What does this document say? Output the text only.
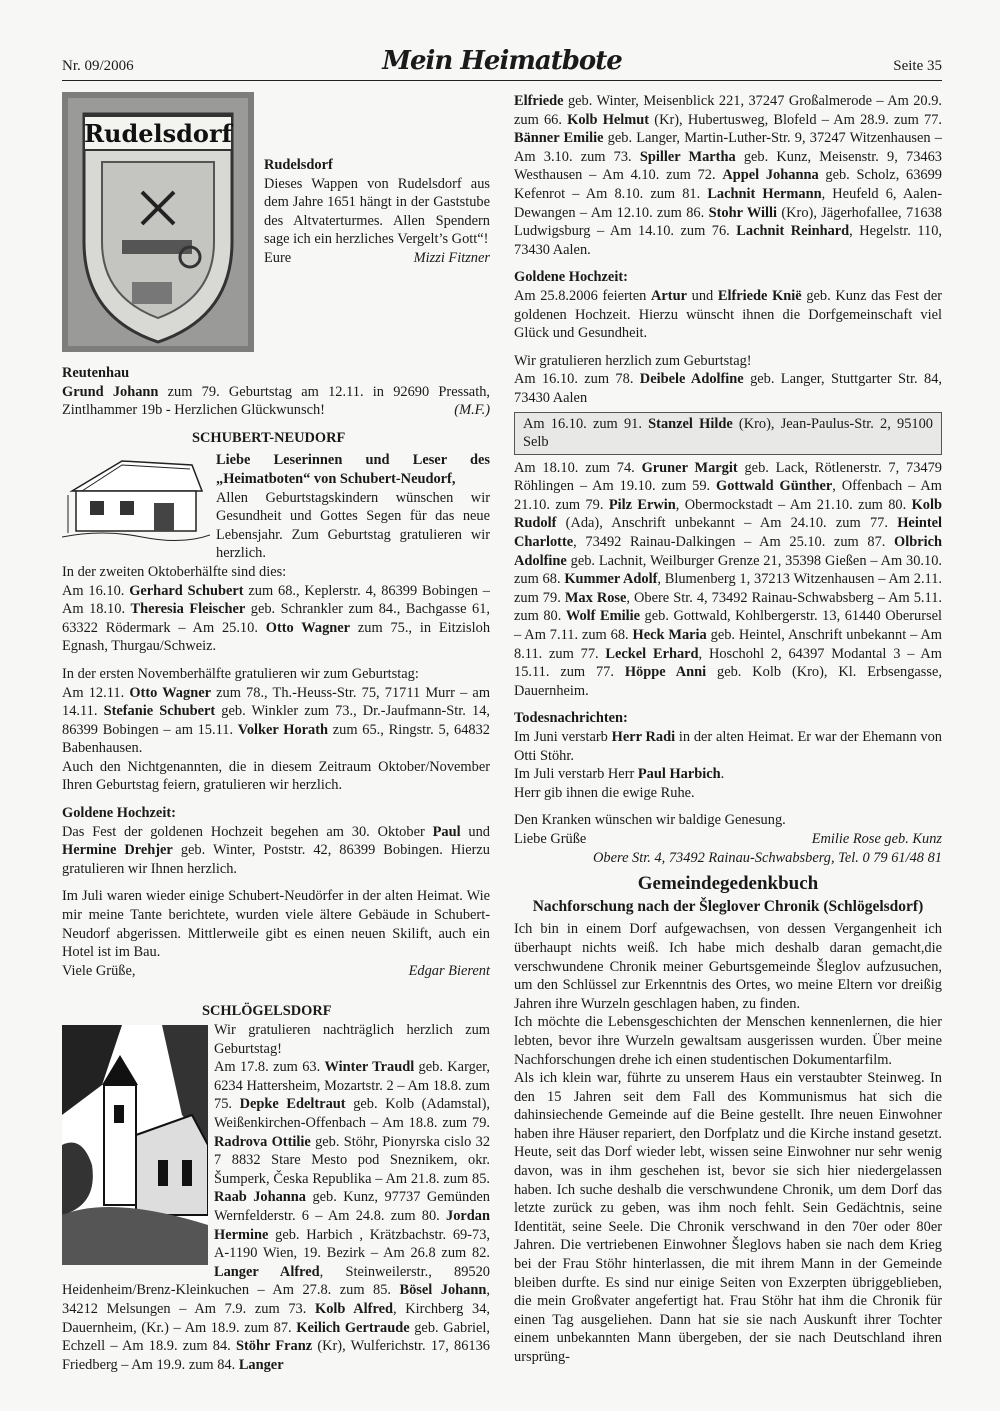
Nr. 09/2006	Mein Heimatbote	Seite 35
Rudelsdorf

Rudelsdorf

Dieses Wappen von Rudelsdorf aus dem Jahre 1651 hängt in der Gaststube des Altvaterturmes. Allen Spendern sage ich ein herzliches Vergelt’s Gott“!

Eure	Mizzi Fitzner

Reutenhau

Grund Johann zum 79. Geburtstag am 12.11. in 92690 Pressath, Zintlhammer 19b - Herzlichen Glückwunsch!	(M.F.)

SCHUBERT-NEUDORF

Liebe Leserinnen und Leser des „Heimatboten“ von Schubert-Neudorf,

Allen Geburtstagskindern wünschen wir Gesundheit und Gottes Segen für das neue Lebensjahr. Zum Geburtstag gratulieren wir herzlich.

In der zweiten Oktoberhälfte sind dies:

Am 16.10. Gerhard Schubert zum 68., Keplerstr. 4, 86399 Bobingen – Am 18.10. Theresia Fleischer geb. Schrankler zum 84., Bachgasse 61, 63322 Rödermark – Am 25.10. Otto Wagner zum 75., in Eitzisloh Egnash, Thurgau/Schweiz.

In der ersten Novemberhälfte gratulieren wir zum Geburtstag:

Am 12.11. Otto Wagner zum 78., Th.-Heuss-Str. 75, 71711 Murr – am 14.11. Stefanie Schubert geb. Winkler zum 73., Dr.-Jaufmann-Str. 14, 86399 Bobingen – am 15.11. Volker Horath zum 65., Ringstr. 5, 64832 Babenhausen.

Auch den Nichtgenannten, die in diesem Zeitraum Oktober/November Ihren Geburtstag feiern, gratulieren wir herzlich.

Goldene Hochzeit:

Das Fest der goldenen Hochzeit begehen am 30. Oktober Paul und Hermine Drehjer geb. Winter, Poststr. 42, 86399 Bobingen. Hierzu gratulieren wir Ihnen herzlich.

Im Juli waren wieder einige Schubert-Neudörfer in der alten Heimat. Wie mir meine Tante berichtete, wurden viele ältere Gebäude in Schubert-Neudorf abgerissen. Mittlerweile gibt es einen neuen Skilift, auch ein Hotel ist im Bau.

Viele Grüße,	Edgar Bierent

SCHLÖGELSDORF

Wir gratulieren nachträglich herzlich zum Geburtstag!

Am 17.8. zum 63. Winter Traudl geb. Karger, 6234 Hattersheim, Mozartstr. 2 – Am 18.8. zum 75. Depke Edeltraut geb. Kolb (Adamstal), Weißenkirchen-Offenbach – Am 18.8. zum 79. Radrova Ottilie geb. Stöhr, Pionyrska cislo 32 7 8832 Stare Mesto pod Sneznikem, okr. Šumperk, Česka Republika – Am 21.8. zum 85. Raab Johanna geb. Kunz, 97737 Gemünden Wernfelderstr. 6 – Am 24.8. zum 80. Jordan Hermine geb. Harbich , Krätzbachstr. 69-73, A-1190 Wien, 19. Bezirk – Am 26.8 zum 82. Langer Alfred, Steinweilerstr., 89520 Heidenheim/Brenz-Kleinkuchen – Am 27.8. zum 85. Bösel Johann, 34212 Melsungen – Am 7.9. zum 73. Kolb Alfred, Kirchberg 34, Dauernheim, (Kr.) – Am 18.9. zum 87. Keilich Gertraude geb. Gabriel, Echzell – Am 18.9. zum 84. Stöhr Franz (Kr), Wulferichstr. 17, 86136 Friedberg – Am 19.9. zum 84. Langer

Elfriede geb. Winter, Meisenblick 221, 37247 Großalmerode – Am 20.9. zum 66. Kolb Helmut (Kr), Hubertusweg, Blofeld – Am 28.9. zum 77. Bänner Emilie geb. Langer, Martin-Luther-Str. 9, 37247 Witzenhausen – Am 3.10. zum 73. Spiller Martha geb. Kunz, Meisenstr. 9, 73463 Westhausen – Am 4.10. zum 72. Appel Johanna geb. Scholz, 63699 Kefenrot – Am 8.10. zum 81. Lachnit Hermann, Heufeld 6, Aalen-Dewangen – Am 12.10. zum 86. Stohr Willi (Kro), Jägerhofallee, 71638 Ludwigsburg – Am 14.10. zum 76. Lachnit Reinhard, Hegelstr. 110, 73430 Aalen.

Goldene Hochzeit:

Am 25.8.2006 feierten Artur und Elfriede Knië geb. Kunz das Fest der goldenen Hochzeit. Hierzu wünscht ihnen die Dorfgemeinschaft viel Glück und Gesundheit.

Wir gratulieren herzlich zum Geburtstag!

Am 16.10. zum 78. Deibele Adolfine geb. Langer, Stuttgarter Str. 84, 73430 Aalen

Am 16.10. zum 91. Stanzel Hilde (Kro), Jean-Paulus-Str. 2, 95100 Selb

Am 18.10. zum 74. Gruner Margit geb. Lack, Rötlenerstr. 7, 73479 Röhlingen – Am 19.10. zum 59. Gottwald Günther, Offenbach – Am 21.10. zum 79. Pilz Erwin, Obermockstadt – Am 21.10. zum 80. Kolb Rudolf (Ada), Anschrift unbekannt – Am 24.10. zum 77. Heintel Charlotte, 73492 Rainau-Dalkingen – Am 25.10. zum 87. Olbrich Adolfine geb. Lachnit, Weilburger Grenze 21, 35398 Gießen – Am 30.10. zum 68. Kummer Adolf, Blumenberg 1, 37213 Witzenhausen – Am 2.11. zum 79. Max Rose, Obere Str. 4, 73492 Rainau-Schwabsberg – Am 5.11. zum 80. Wolf Emilie geb. Gottwald, Kohlbergerstr. 13, 61440 Oberursel – Am 7.11. zum 68. Heck Maria geb. Heintel, Anschrift unbekannt – Am 8.11. zum 77. Leckel Erhard, Hoschohl 2, 64397 Modantal 3 – Am 15.11. zum 77. Höppe Anni geb. Kolb (Kro), Kl. Erbsengasse, Dauernheim.

Todesnachrichten:

Im Juni verstarb Herr Radi in der alten Heimat. Er war der Ehemann von Otti Stöhr.

Im Juli verstarb Herr Paul Harbich.

Herr gib ihnen die ewige Ruhe.

Den Kranken wünschen wir baldige Genesung.

Liebe Grüße	Emilie Rose geb. Kunz

Obere Str. 4, 73492 Rainau-Schwabsberg, Tel. 0 79 61/48 81

Gemeindegedenkbuch
Nachforschung nach der Šleglover Chronik (Schlögelsdorf)

Ich bin in einem Dorf aufgewachsen, von dessen Vergangenheit ich überhaupt nichts weiß. Ich habe mich deshalb daran gemacht,die verschwundene Chronik meiner Geburtsgemeinde Šleglov aufzusuchen, um den Schlüssel zur Erkenntnis des Ortes, wo meine Eltern vor dreißig Jahren ihre Wurzeln geschlagen haben, zu finden.

Ich möchte die Lebensgeschichten der Menschen kennenlernen, die hier lebten, bevor ihre Wurzeln gewaltsam ausgerissen wurden. Über meine Nachforschungen drehe ich einen studentischen Dokumentarfilm.

Als ich klein war, führte zu unserem Haus ein verstaubter Steinweg. In den 15 Jahren seit dem Fall des Kommunismus hat sich die dahinsiechende Gemeinde auf die Beine gestellt. Ihre neuen Einwohner haben ihre Häuser repariert, den Dorfplatz und die Kirche instand gesetzt. Heute, seit das Dorf wieder lebt, wissen seine Einwohner nur sehr wenig davon, was in ihm geschehen ist, bevor sie sich hier niedergelassen haben. Ich suche deshalb die verschwundene Chronik, um dem Dorf das letzte zurück zu geben, was ihm noch fehlt. Sein Gedächtnis, seine Identität, seine Seele. Die Chronik verschwand in den 70er oder 80er Jahren. Die vertriebenen Einwohner Šleglovs haben sie nach dem Krieg bei der Frau Stöhr hinterlassen, die mit ihrem Mann in der Gemeinde bleiben durfte. Es sind nur einige Seiten von Exzerpten übriggeblieben, die mein Großvater angefertigt hat. Frau Stöhr hat ihm die Chronik für einen Tag ausgeliehen. Dann hat sie sie nach Auskunft ihrer Tochter einem unbekannten Mann übergeben, der sie nach Deutschland ihren ursprüng-
